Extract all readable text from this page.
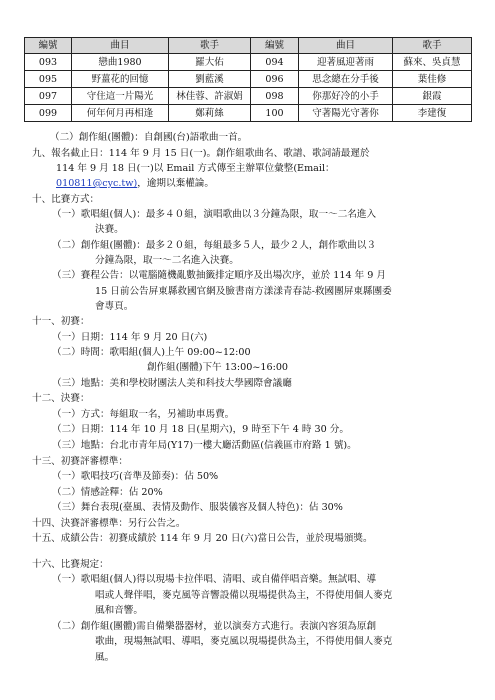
編號	曲目	歌手	編號	曲目	歌手
093	戀曲1980	羅大佑	094	迎著風迎著雨	蘇來、吳貞慧
095	野薑花的回憶	劉藍溪	096	思念總在分手後	葉佳修
097	守住這一片陽光	林佳蓉、許淑娟	098	你那好冷的小手	銀霞
099	何年何月再相逢	鄭莉絲	100	守著陽光守著你	李建復
（二）創作組(團體)：自創國(台)語歌曲一首。
九、報名截止日：114 年 9 月 15 日(一)。創作組歌曲名、歌譜、歌詞請最遲於
114 年 9 月 18 日(一)以 Email 方式傳至主辦單位彙整(Email：
010811@cyc.tw)，逾期以棄權論。
十、比賽方式：
（一）歌唱組(個人)：最多４０組，演唱歌曲以３分鐘為限，取一～二名進入
決賽。
（二）創作組(團體)：最多２０組，每組最多５人，最少２人，創作歌曲以３
分鐘為限，取一～二名進入決賽。
（三）賽程公告：以電腦隨機亂數抽籤排定順序及出場次序，並於 114 年 9 月
15 日前公告屏東縣救國官網及臉書南方漾漾青春誌-救國團屏東縣團委
會專頁。
十一、初賽：
（一）日期：114 年 9 月 20 日(六)
（二）時間：歌唱組(個人)上午 09:00~12:00
創作組(團體)下午 13:00~16:00
（三）地點：美和學校財團法人美和科技大學國際會議廳
十二、決賽：
（一）方式：每組取一名，另補助車馬費。
（二）日期：114 年 10 月 18 日(星期六)，9 時至下午 4 時 30 分。
（三）地點：台北市青年局(Y17)一樓大廳活動區(信義區市府路 1 號)。
十三、初賽評審標準：
（一）歌唱技巧(音準及節奏)：佔 50%
（二）情感詮釋：佔 20%
（三）舞台表現(臺風、表情及動作、服裝儀容及個人特色)：佔 30%
十四、決賽評審標準：另行公告之。
十五、成績公告：初賽成績於 114 年 9 月 20 日(六)當日公告，並於現場頒獎。
十六、比賽規定：
（一）歌唱組(個人)得以現場卡拉伴唱、清唱、或自備伴唱音樂。無試唱、導
唱或人聲伴唱，麥克風等音響設備以現場提供為主，不得使用個人麥克
風和音響。
（二）創作組(團體)需自備樂器器材，並以演奏方式進行。表演內容須為原創
歌曲，現場無試唱、導唱，麥克風以現場提供為主，不得使用個人麥克
風。
